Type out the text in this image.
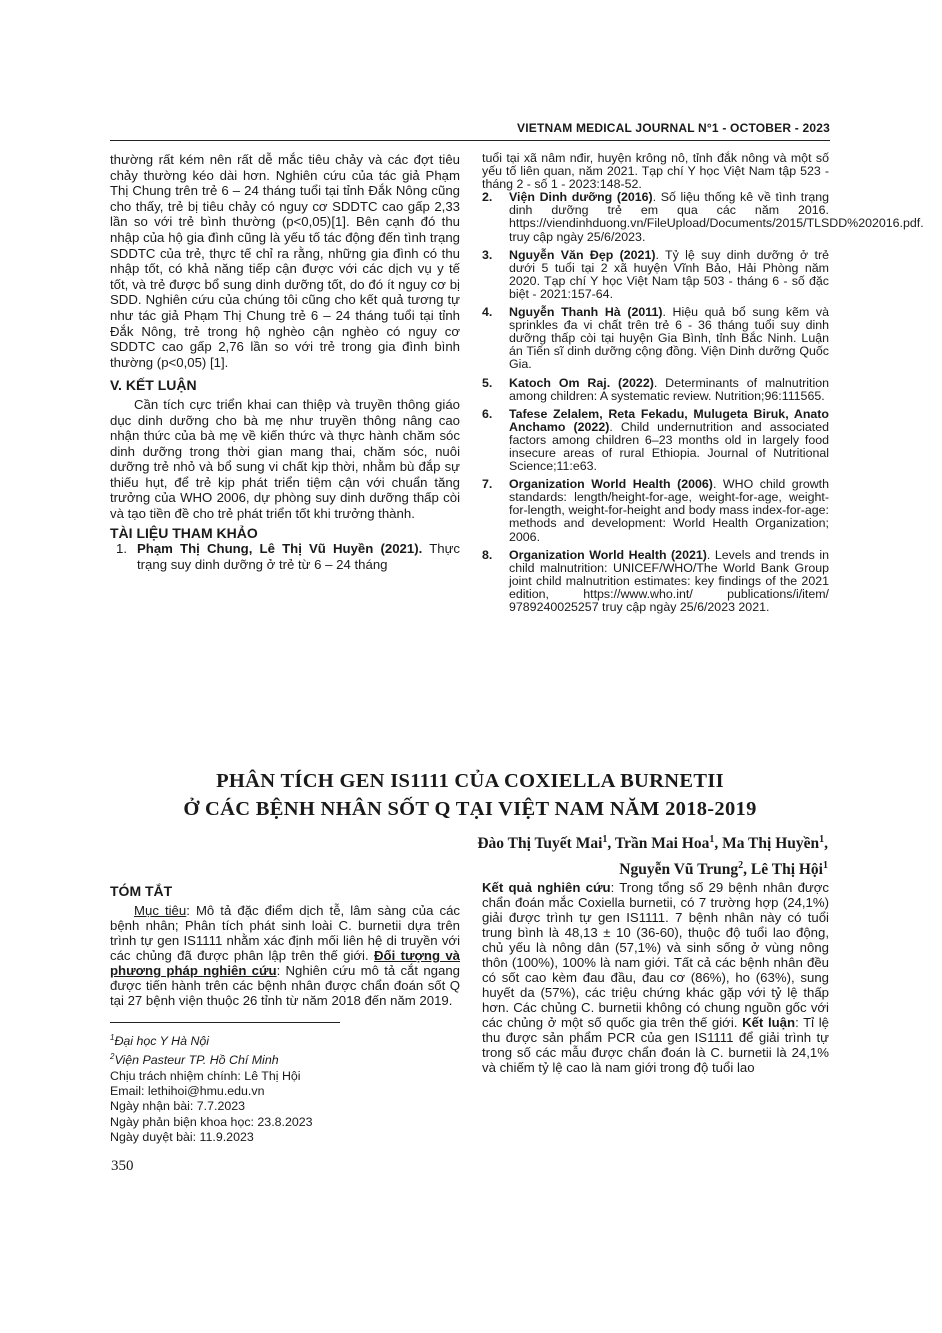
VIETNAM MEDICAL JOURNAL N°1 - OCTOBER - 2023

thường rất kém nên rất dễ mắc tiêu chảy và các đợt tiêu chảy thường kéo dài hơn. Nghiên cứu của tác giả Phạm Thị Chung trên trẻ 6 – 24 tháng tuổi tại tỉnh Đắk Nông cũng cho thấy, trẻ bị tiêu chảy có nguy cơ SDDTC cao gấp 2,33 lần so với trẻ bình thường (p<0,05)[1]. Bên cạnh đó thu nhập của hộ gia đình cũng là yếu tố tác động đến tình trạng SDDTC của trẻ, thực tế chỉ ra rằng, những gia đình có thu nhập tốt, có khả năng tiếp cận được với các dịch vụ y tế tốt, và trẻ được bổ sung dinh dưỡng tốt, do đó ít nguy cơ bị SDD. Nghiên cứu của chúng tôi cũng cho kết quả tương tự như tác giả Phạm Thị Chung trẻ 6 – 24 tháng tuổi tại tỉnh Đắk Nông, trẻ trong hộ nghèo cận nghèo có nguy cơ SDDTC cao gấp 2,76 lần so với trẻ trong gia đình bình thường (p<0,05) [1].

V. KẾT LUẬN

Cần tích cực triển khai can thiệp và truyền thông giáo dục dinh dưỡng cho bà mẹ như truyền thông nâng cao nhận thức của bà mẹ về kiến thức và thực hành chăm sóc dinh dưỡng trong thời gian mang thai, chăm sóc, nuôi dưỡng trẻ nhỏ và bổ sung vi chất kịp thời, nhằm bù đắp sự thiếu hụt, để trẻ kịp phát triển tiệm cận với chuẩn tăng trưởng của WHO 2006, dự phòng suy dinh dưỡng thấp còi và tạo tiền đề cho trẻ phát triển tốt khi trưởng thành.

TÀI LIỆU THAM KHẢO
1. Phạm Thị Chung, Lê Thị Vũ Huyền (2021). Thực trạng suy dinh dưỡng ở trẻ từ 6 – 24 tháng

tuổi tại xã nâm nđir, huyện krông nô, tỉnh đắk nông và một số yếu tố liên quan, năm 2021. Tạp chí Y học Việt Nam tập 523 - tháng 2 - số 1 - 2023:148-52.

2. Viện Dinh dưỡng (2016). Số liệu thống kê về tình trạng dinh dưỡng trẻ em qua các năm 2016. https://viendinhduong.vn/FileUpload/Documents/2015/TLSDD%202016.pdf. truy cập ngày 25/6/2023.
3. Nguyễn Văn Đẹp (2021). Tỷ lệ suy dinh dưỡng ở trẻ dưới 5 tuổi tại 2 xã huyện Vĩnh Bảo, Hải Phòng năm 2020. Tạp chí Y học Việt Nam tập 503 - tháng 6 - số đặc biệt - 2021:157-64.
4. Nguyễn Thanh Hà (2011). Hiệu quả bổ sung kẽm và sprinkles đa vi chất trên trẻ 6 - 36 tháng tuổi suy dinh dưỡng thấp còi tại huyện Gia Bình, tỉnh Bắc Ninh. Luận án Tiến sĩ dinh dưỡng cộng đồng. Viện Dinh dưỡng Quốc Gia.
5. Katoch Om Raj. (2022). Determinants of malnutrition among children: A systematic review. Nutrition;96:111565.
6. Tafese Zelalem, Reta Fekadu, Mulugeta Biruk, Anato Anchamo (2022). Child undernutrition and associated factors among children 6–23 months old in largely food insecure areas of rural Ethiopia. Journal of Nutritional Science;11:e63.
7. Organization World Health (2006). WHO child growth standards: length/height-for-age, weight-for-age, weight-for-length, weight-for-height and body mass index-for-age: methods and development: World Health Organization; 2006.
8. Organization World Health (2021). Levels and trends in child malnutrition: UNICEF/WHO/The World Bank Group joint child malnutrition estimates: key findings of the 2021 edition, https://www.who.int/ publications/i/item/ 9789240025257 truy cập ngày 25/6/2023 2021.
PHÂN TÍCH GEN IS1111 CỦA COXIELLA BURNETII
Ở CÁC BỆNH NHÂN SỐT Q TẠI VIỆT NAM NĂM 2018-2019
Đào Thị Tuyết Mai$^1$, Trần Mai Hoa$^1$, Ma Thị Huyền$^1$,
Nguyễn Vũ Trung$^2$, Lê Thị Hội$^1$
TÓM TẮT
Mục tiêu: Mô tả đặc điểm dịch tễ, lâm sàng của các bệnh nhân; Phân tích phát sinh loài C. burnetii dựa trên trình tự gen IS1111 nhằm xác định mối liên hệ di truyền với các chủng đã được phân lập trên thế giới. Đối tượng và phương pháp nghiên cứu: Nghiên cứu mô tả cắt ngang được tiến hành trên các bệnh nhân được chẩn đoán sốt Q tại 27 bệnh viện thuộc 26 tỉnh từ năm 2018 đến năm 2019.
Kết quả nghiên cứu: Trong tổng số 29 bệnh nhân được chẩn đoán mắc Coxiella burnetii, có 7 trường hợp (24,1%) giải được trình tự gen IS1111. 7 bệnh nhân này có tuổi trung bình là 48,13 ± 10 (36-60), thuộc độ tuổi lao động, chủ yếu là nông dân (57,1%) và sinh sống ở vùng nông thôn (100%), 100% là nam giới. Tất cả các bệnh nhân đều có sốt cao kèm đau đầu, đau cơ (86%), ho (63%), sung huyết da (57%), các triệu chứng khác gặp với tỷ lệ thấp hơn. Các chủng C. burnetii không có chung nguồn gốc với các chủng ở một số quốc gia trên thế giới. Kết luận: Tỉ lệ thu được sản phẩm PCR của gen IS1111 để giải trình tự trong số các mẫu được chẩn đoán là C. burnetii là 24,1% và chiếm tỷ lệ cao là nam giới trong độ tuổi lao
$^1$Đại học Y Hà Nội
$^2$Viện Pasteur TP. Hồ Chí Minh
Chịu trách nhiệm chính: Lê Thị Hội
Email: lethihoi@hmu.edu.vn
Ngày nhận bài: 7.7.2023
Ngày phản biện khoa học: 23.8.2023
Ngày duyệt bài: 11.9.2023
350
